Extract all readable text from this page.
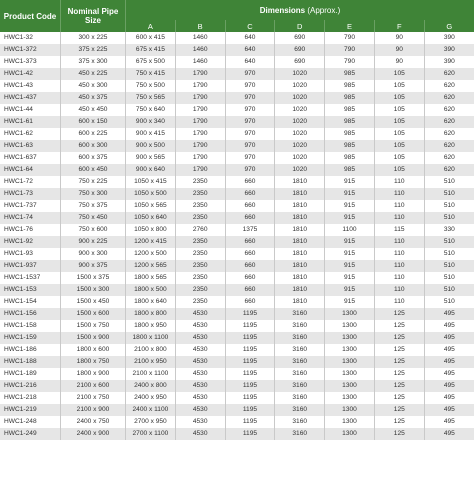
Product Code	Nominal Pipe Size	Dimensions (Approx.)						
		A	B	C	D	E	F	G
HWC1-32	300 x 225	600 x 415	1460	640	690	790	90	390
HWC1-372	375 x 225	675 x 415	1460	640	690	790	90	390
HWC1-373	375 x 300	675 x 500	1460	640	690	790	90	390
HWC1-42	450 x 225	750 x 415	1790	970	1020	985	105	620
HWC1-43	450 x 300	750 x 500	1790	970	1020	985	105	620
HWC1-437	450 x 375	750 x 565	1790	970	1020	985	105	620
HWC1-44	450 x 450	750 x 640	1790	970	1020	985	105	620
HWC1-61	600 x 150	900 x 340	1790	970	1020	985	105	620
HWC1-62	600 x 225	900 x 415	1790	970	1020	985	105	620
HWC1-63	600 x 300	900 x 500	1790	970	1020	985	105	620
HWC1-637	600 x 375	900 x 565	1790	970	1020	985	105	620
HWC1-64	600 x 450	900 x 640	1790	970	1020	985	105	620
HWC1-72	750 x 225	1050 x 415	2350	660	1810	915	110	510
HWC1-73	750 x 300	1050 x 500	2350	660	1810	915	110	510
HWC1-737	750 x 375	1050 x 565	2350	660	1810	915	110	510
HWC1-74	750 x 450	1050 x 640	2350	660	1810	915	110	510
HWC1-76	750 x 600	1050 x 800	2760	1375	1810	1100	115	330
HWC1-92	900 x 225	1200 x 415	2350	660	1810	915	110	510
HWC1-93	900 x 300	1200 x 500	2350	660	1810	915	110	510
HWC1-937	900 x 375	1200 x 565	2350	660	1810	915	110	510
HWC1-1537	1500 x 375	1800 x 565	2350	660	1810	915	110	510
HWC1-153	1500 x 300	1800 x 500	2350	660	1810	915	110	510
HWC1-154	1500 x 450	1800 x 640	2350	660	1810	915	110	510
HWC1-156	1500 x 600	1800 x 800	4530	1195	3160	1300	125	495
HWC1-158	1500 x 750	1800 x 950	4530	1195	3160	1300	125	495
HWC1-159	1500 x 900	1800 x 1100	4530	1195	3160	1300	125	495
HWC1-186	1800 x 600	2100 x 800	4530	1195	3160	1300	125	495
HWC1-188	1800 x 750	2100 x 950	4530	1195	3160	1300	125	495
HWC1-189	1800 x 900	2100 x 1100	4530	1195	3160	1300	125	495
HWC1-216	2100 x 600	2400 x 800	4530	1195	3160	1300	125	495
HWC1-218	2100 x 750	2400 x 950	4530	1195	3160	1300	125	495
HWC1-219	2100 x 900	2400 x 1100	4530	1195	3160	1300	125	495
HWC1-248	2400 x 750	2700 x 950	4530	1195	3160	1300	125	495
HWC1-249	2400 x 900	2700 x 1100	4530	1195	3160	1300	125	495
